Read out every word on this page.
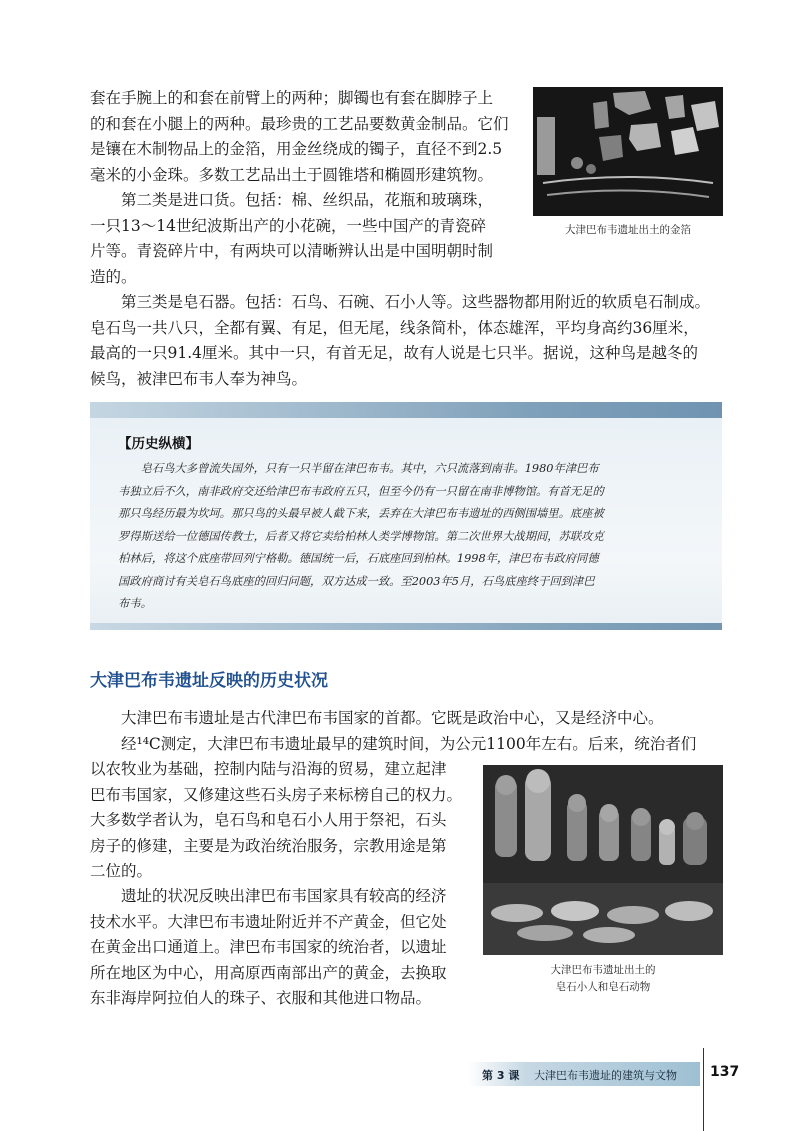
套在手腕上的和套在前臂上的两种；脚镯也有套在脚脖子上
的和套在小腿上的两种。最珍贵的工艺品要数黄金制品。它们
是镶在木制物品上的金箔，用金丝绕成的镯子，直径不到2.5
毫米的小金珠。多数工艺品出土于圆锥塔和椭圆形建筑物。
　　第二类是进口货。包括：棉、丝织品，花瓶和玻璃珠，
一只13～14世纪波斯出产的小花碗，一些中国产的青瓷碎
片等。青瓷碎片中，有两块可以清晰辨认出是中国明朝时制
造的。
大津巴布韦遗址出土的金箔
　　第三类是皂石器。包括：石鸟、石碗、石小人等。这些器物都用附近的软质皂石制成。
皂石鸟一共八只，全都有翼、有足，但无尾，线条简朴，体态雄浑，平均身高约36厘米，
最高的一只91.4厘米。其中一只，有首无足，故有人说是七只半。据说，这种鸟是越冬的
候鸟，被津巴布韦人奉为神鸟。
【历史纵横】
　　皂石鸟大多曾流失国外，只有一只半留在津巴布韦。其中，六只流落到南非。1980年津巴布
韦独立后不久，南非政府交还给津巴布韦政府五只，但至今仍有一只留在南非博物馆。有首无足的
那只鸟经历最为坎坷。那只鸟的头最早被人截下来，丢弃在大津巴布韦遗址的西侧围墙里。底座被
罗得斯送给一位德国传教士，后者又将它卖给柏林人类学博物馆。第二次世界大战期间，苏联攻克
柏林后，将这个底座带回列宁格勒。德国统一后，石底座回到柏林。1998年，津巴布韦政府同德
国政府商讨有关皂石鸟底座的回归问题，双方达成一致。至2003年5月，石鸟底座终于回到津巴
布韦。
大津巴布韦遗址反映的历史状况
　　大津巴布韦遗址是古代津巴布韦国家的首都。它既是政治中心，又是经济中心。
　　经¹⁴C测定，大津巴布韦遗址最早的建筑时间，为公元1100年左右。后来，统治者们
以农牧业为基础，控制内陆与沿海的贸易，建立起津
巴布韦国家，又修建这些石头房子来标榜自己的权力。
大多数学者认为，皂石鸟和皂石小人用于祭祀，石头
房子的修建，主要是为政治统治服务，宗教用途是第
二位的。
　　遗址的状况反映出津巴布韦国家具有较高的经济
技术水平。大津巴布韦遗址附近并不产黄金，但它处
在黄金出口通道上。津巴布韦国家的统治者，以遗址
所在地区为中心，用高原西南部出产的黄金，去换取
东非海岸阿拉伯人的珠子、衣服和其他进口物品。
大津巴布韦遗址出土的
皂石小人和皂石动物
第 3 课 大津巴布韦遗址的建筑与文物 137
